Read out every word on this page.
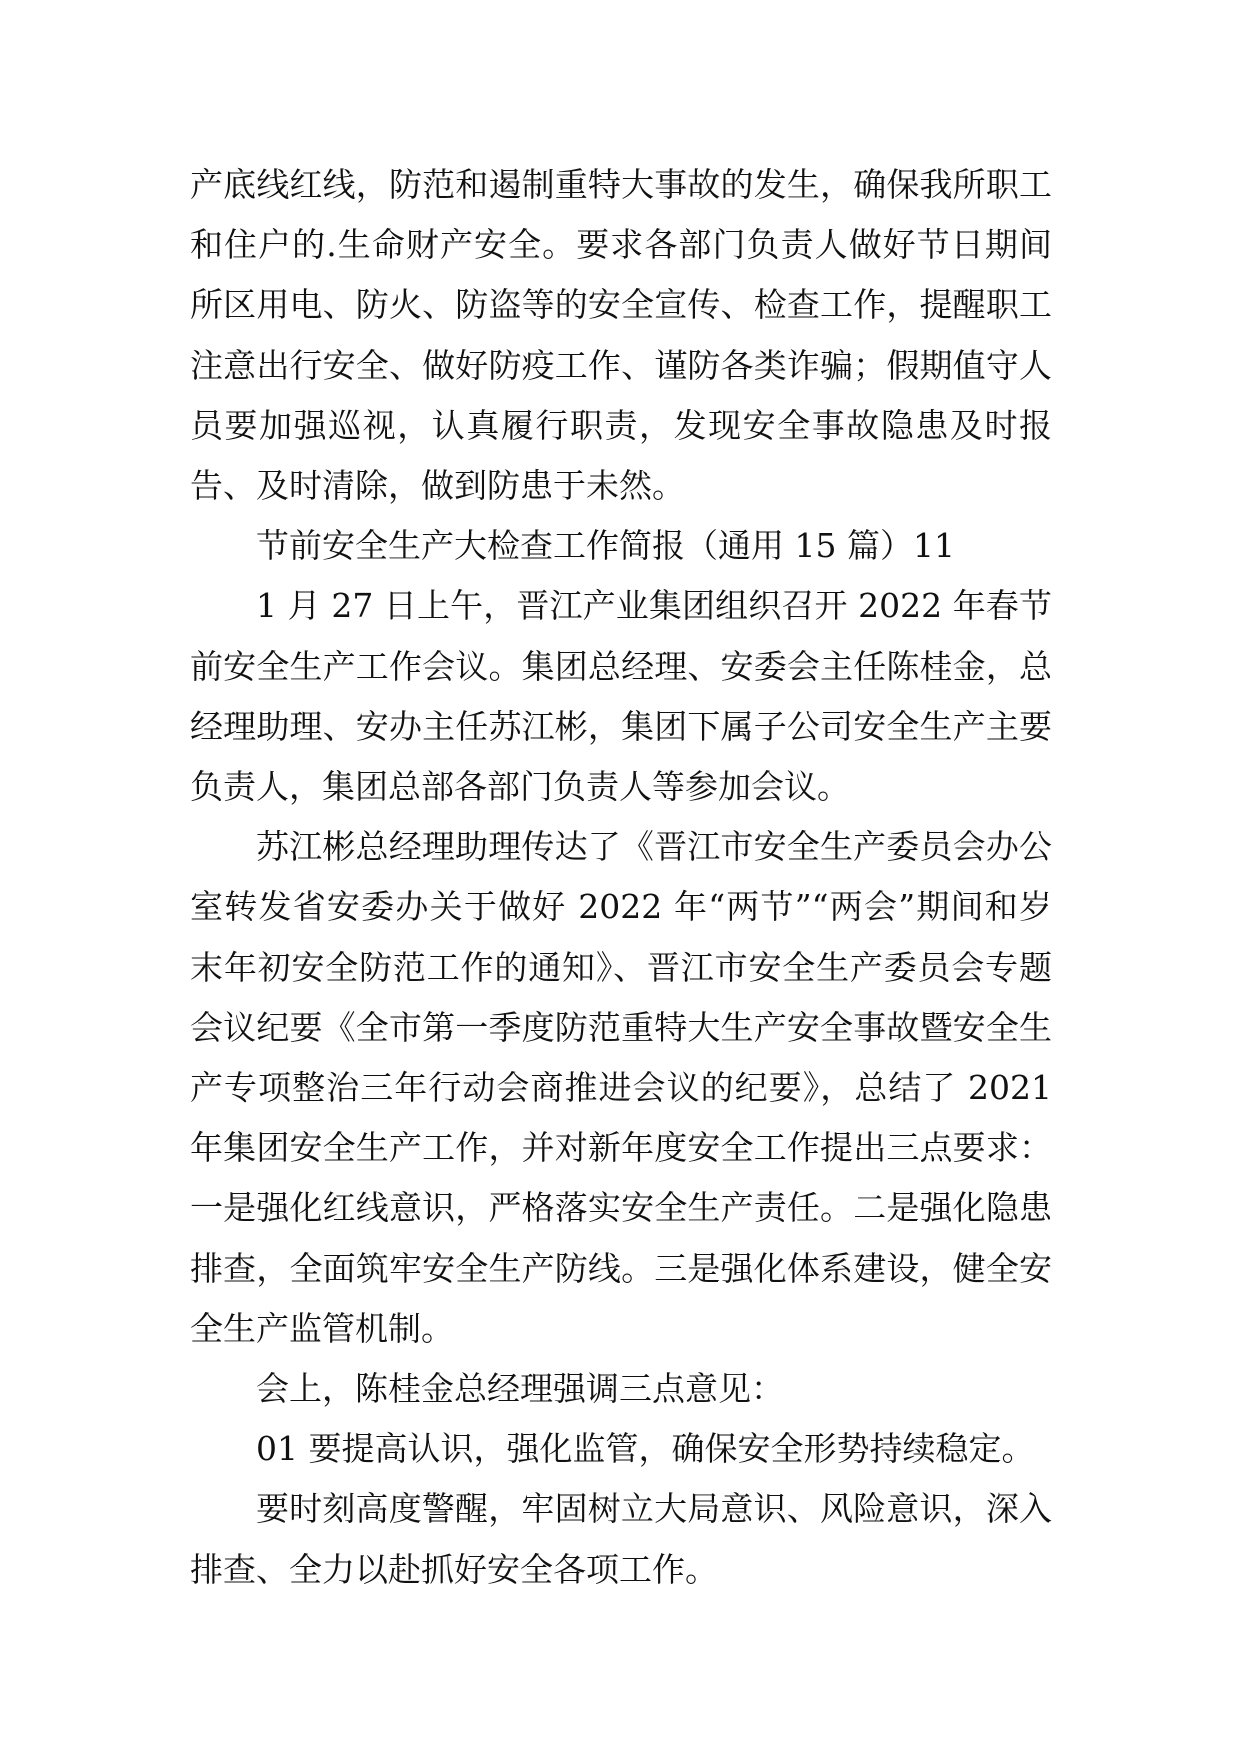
产底线红线，防范和遏制重特大事故的发生，确保我所职工和住户的.生命财产安全。要求各部门负责人做好节日期间所区用电、防火、防盗等的安全宣传、检查工作，提醒职工注意出行安全、做好防疫工作、谨防各类诈骗；假期值守人员要加强巡视，认真履行职责，发现安全事故隐患及时报告、及时清除，做到防患于未然。

节前安全生产大检查工作简报（通用 15 篇）11

1 月 27 日上午，晋江产业集团组织召开 2022 年春节前安全生产工作会议。集团总经理、安委会主任陈桂金，总经理助理、安办主任苏江彬，集团下属子公司安全生产主要负责人，集团总部各部门负责人等参加会议。

苏江彬总经理助理传达了《晋江市安全生产委员会办公室转发省安委办关于做好 2022 年“两节”“两会”期间和岁末年初安全防范工作的通知》、晋江市安全生产委员会专题会议纪要《全市第一季度防范重特大生产安全事故暨安全生产专项整治三年行动会商推进会议的纪要》，总结了 2021 年集团安全生产工作，并对新年度安全工作提出三点要求：一是强化红线意识，严格落实安全生产责任。二是强化隐患排查，全面筑牢安全生产防线。三是强化体系建设，健全安全生产监管机制。

会上，陈桂金总经理强调三点意见：

01 要提高认识，强化监管，确保安全形势持续稳定。

要时刻高度警醒，牢固树立大局意识、风险意识，深入排查、全力以赴抓好安全各项工作。
